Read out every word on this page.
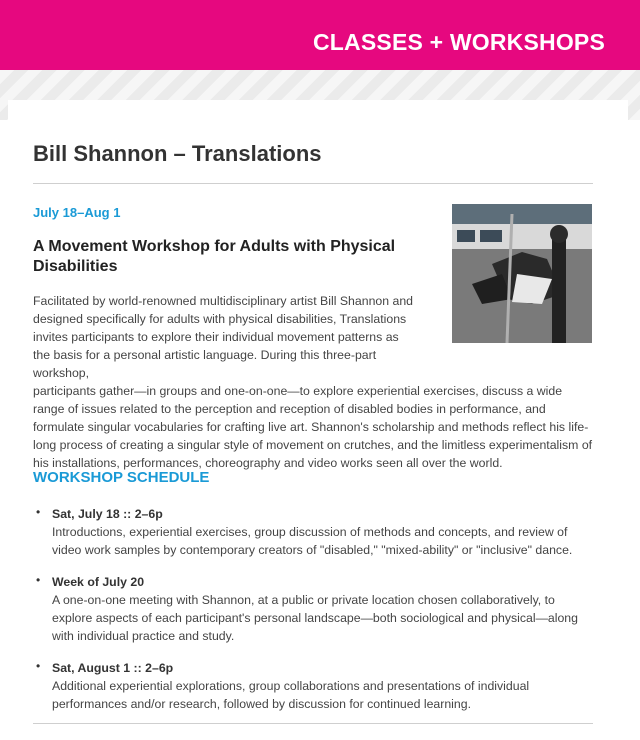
CLASSES + WORKSHOPS
Bill Shannon – Translations
July 18–Aug 1
A Movement Workshop for Adults with Physical Disabilities

Facilitated by world-renowned multidisciplinary artist Bill Shannon and designed specifically for adults with physical disabilities, Translations invites participants to explore their individual movement patterns as the basis for a personal artistic language. During this three-part workshop,
participants gather—in groups and one-on-one—to explore experiential exercises, discuss a wide range of issues related to the perception and reception of disabled bodies in performance, and formulate singular vocabularies for crafting live art. Shannon's scholarship and methods reflect his life-long process of creating a singular style of movement on crutches, and the limitless experimentalism of his installations, performances, choreography and video works seen all over the world.

WORKSHOP SCHEDULE
• Sat, July 18 :: 2–6p
Introductions, experiential exercises, group discussion of methods and concepts, and review of video work samples by contemporary creators of "disabled," "mixed-ability" or "inclusive" dance.
• Week of July 20
A one-on-one meeting with Shannon, at a public or private location chosen collaboratively, to explore aspects of each participant's personal landscape—both sociological and physical—along with individual practice and study.
• Sat, August 1 :: 2–6p
Additional experiential explorations, group collaborations and presentations of individual performances and/or research, followed by discussion for continued learning.
